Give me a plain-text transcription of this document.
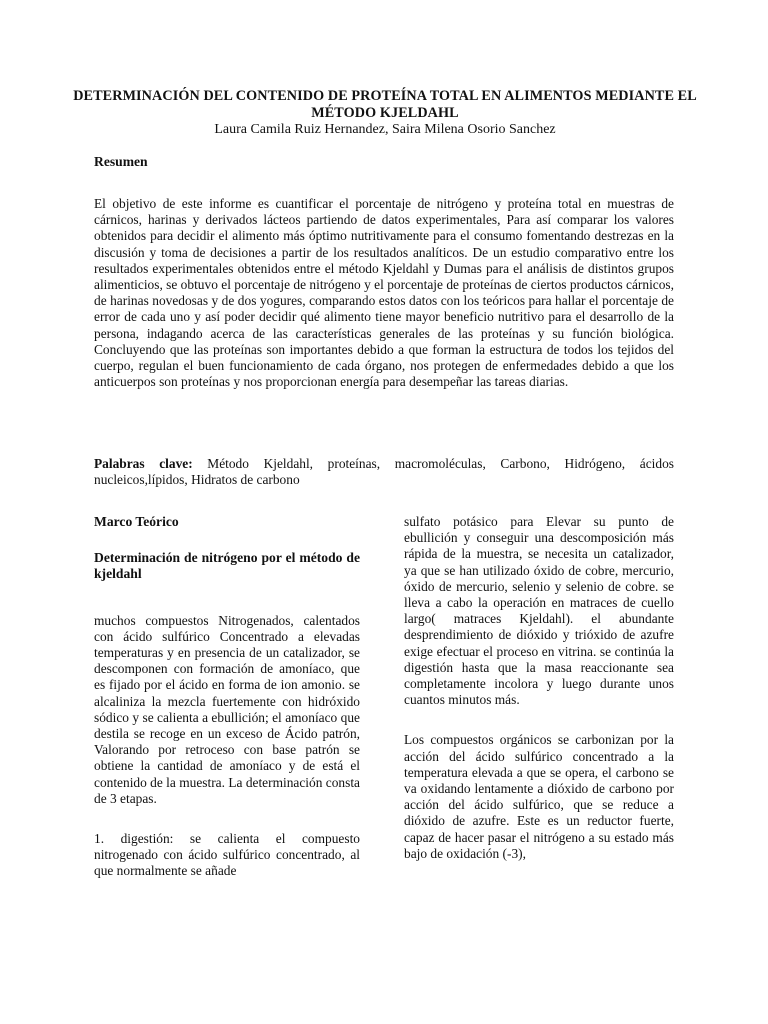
DETERMINACIÓN DEL CONTENIDO DE PROTEÍNA TOTAL EN ALIMENTOS MEDIANTE EL MÉTODO KJELDAHL
Laura Camila Ruiz Hernandez, Saira Milena Osorio Sanchez
Resumen

El objetivo de este informe es cuantificar el porcentaje de nitrógeno y proteína total en muestras de cárnicos, harinas y derivados lácteos partiendo de datos experimentales, Para así comparar los valores obtenidos para decidir el alimento más óptimo nutritivamente para el consumo fomentando destrezas en la discusión y toma de decisiones a partir de los resultados analíticos. De un estudio comparativo entre los resultados experimentales obtenidos entre el método Kjeldahl y Dumas para el análisis de distintos grupos alimenticios, se obtuvo el porcentaje de nitrógeno y el porcentaje de proteínas de ciertos productos cárnicos, de harinas novedosas y de dos yogures, comparando estos datos con los teóricos para hallar el porcentaje de error de cada uno y así poder decidir qué alimento tiene mayor beneficio nutritivo para el desarrollo de la persona, indagando acerca de las características generales de las proteínas y su función biológica. Concluyendo que las proteínas son importantes debido a que forman la estructura de todos los tejidos del cuerpo, regulan el buen funcionamiento de cada órgano, nos protegen de enfermedades debido a que los anticuerpos son proteínas y nos proporcionan energía para desempeñar las tareas diarias.

Palabras clave: Método Kjeldahl, proteínas, macromoléculas, Carbono, Hidrógeno, ácidos nucleicos,lípidos, Hidratos de carbono

Marco Teórico
Determinación de nitrógeno por el método de kjeldahl

muchos compuestos Nitrogenados, calentados con ácido sulfúrico Concentrado a elevadas temperaturas y en presencia de un catalizador, se descomponen con formación de amoníaco, que es fijado por el ácido en forma de ion amonio. se alcaliniza la mezcla fuertemente con hidróxido sódico y se calienta a ebullición; el amoníaco que destila se recoge en un exceso de Ácido patrón, Valorando por retroceso con base patrón se obtiene la cantidad de amoníaco y de está el contenido de la muestra. La determinación consta de 3 etapas.

1. digestión: se calienta el compuesto nitrogenado con ácido sulfúrico concentrado, al que normalmente se añade

sulfato potásico para Elevar su punto de ebullición y conseguir una descomposición más rápida de la muestra, se necesita un catalizador, ya que se han utilizado óxido de cobre, mercurio, óxido de mercurio, selenio y selenio de cobre. se lleva a cabo la operación en matraces de cuello largo( matraces Kjeldahl). el abundante desprendimiento de dióxido y trióxido de azufre exige efectuar el proceso en vitrina. se continúa la digestión hasta que la masa reaccionante sea completamente incolora y luego durante unos cuantos minutos más.

Los compuestos orgánicos se carbonizan por la acción del ácido sulfúrico concentrado a la temperatura elevada a que se opera, el carbono se va oxidando lentamente a dióxido de carbono por acción del ácido sulfúrico, que se reduce a dióxido de azufre. Este es un reductor fuerte, capaz de hacer pasar el nitrógeno a su estado más bajo de oxidación (-3),
